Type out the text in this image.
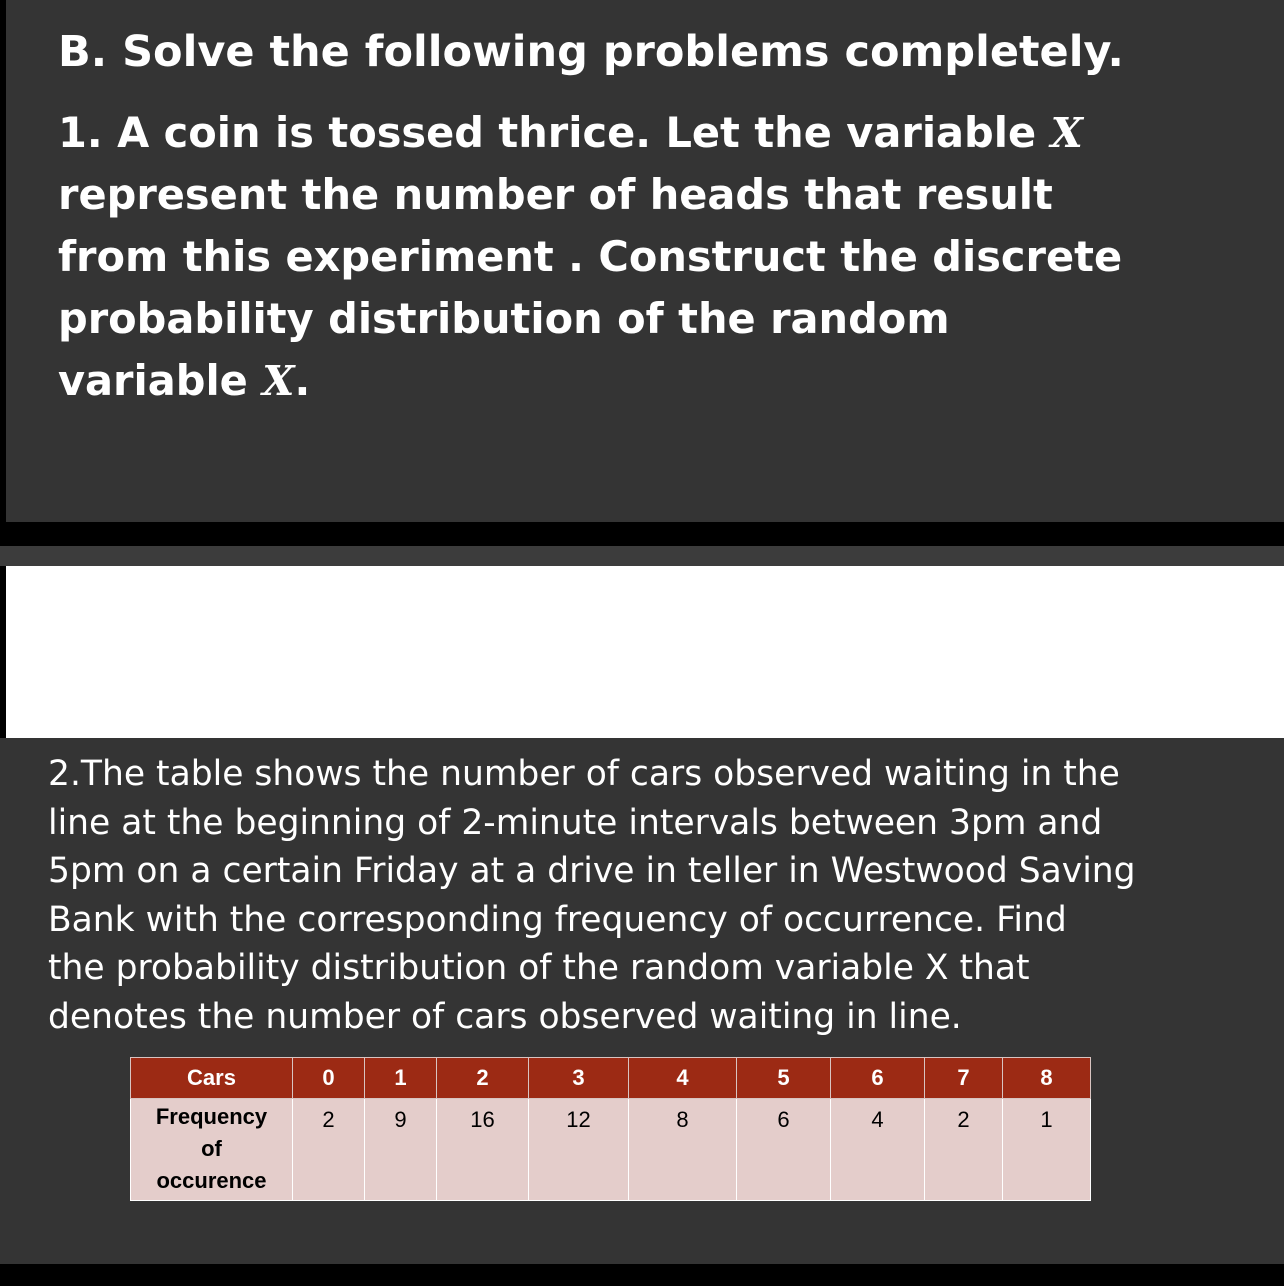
B. Solve the following problems completely.
1. A coin is tossed thrice. Let the variable X
represent the number of heads that result
from this experiment . Construct the discrete
probability distribution of the random
variable X.
2.The table shows the number of cars observed waiting in the
line at the beginning of 2-minute intervals between 3pm and
5pm on a certain Friday at a drive in teller in Westwood Saving
Bank with the corresponding frequency of occurrence. Find
the probability distribution of the random variable X that
denotes the number of cars observed waiting in line.
Cars	0	1	2	3	4	5	6	7	8

Frequency
of
occurence	2	9	16	12	8	6	4	2	1
